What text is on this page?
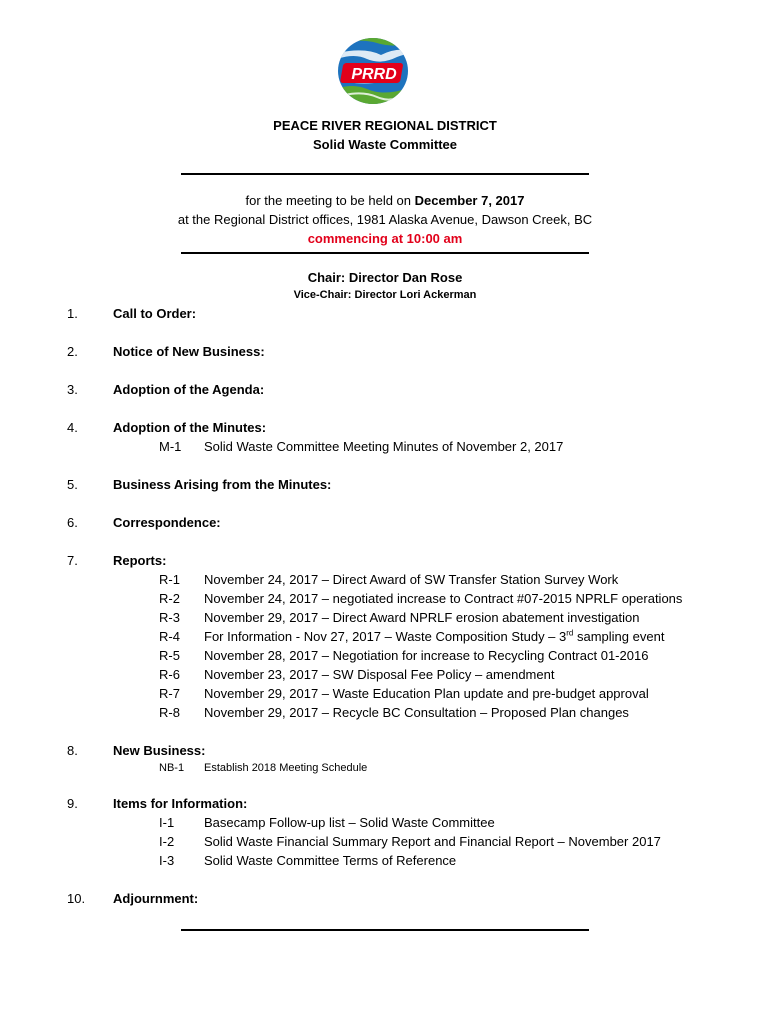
PRRD
PEACE RIVER REGIONAL DISTRICT
Solid Waste Committee
for the meeting to be held on December 7, 2017
at the Regional District offices, 1981 Alaska Avenue, Dawson Creek, BC
commencing at 10:00 am
Chair: Director Dan Rose
Vice-Chair: Director Lori Ackerman
1.	Call to Order:
2.	Notice of New Business:
3.	Adoption of the Agenda:
4.	Adoption of the Minutes:
M-1 Solid Waste Committee Meeting Minutes of November 2, 2017
5.	Business Arising from the Minutes:
6.	Correspondence:
7.	Reports:
R-1 November 24, 2017 – Direct Award of SW Transfer Station Survey Work
R-2 November 24, 2017 – negotiated increase to Contract #07-2015 NPRLF operations
R-3 November 29, 2017 – Direct Award NPRLF erosion abatement investigation
R-4 For Information - Nov 27, 2017 – Waste Composition Study – 3rd sampling event
R-5 November 28, 2017 – Negotiation for increase to Recycling Contract 01-2016
R-6 November 23, 2017 – SW Disposal Fee Policy – amendment
R-7 November 29, 2017 – Waste Education Plan update and pre-budget approval
R-8 November 29, 2017 – Recycle BC Consultation – Proposed Plan changes
8.	New Business:
NB-1 Establish 2018 Meeting Schedule
9.	Items for Information:
I-1 Basecamp Follow-up list – Solid Waste Committee
I-2 Solid Waste Financial Summary Report and Financial Report – November 2017
I-3 Solid Waste Committee Terms of Reference
10. Adjournment:
